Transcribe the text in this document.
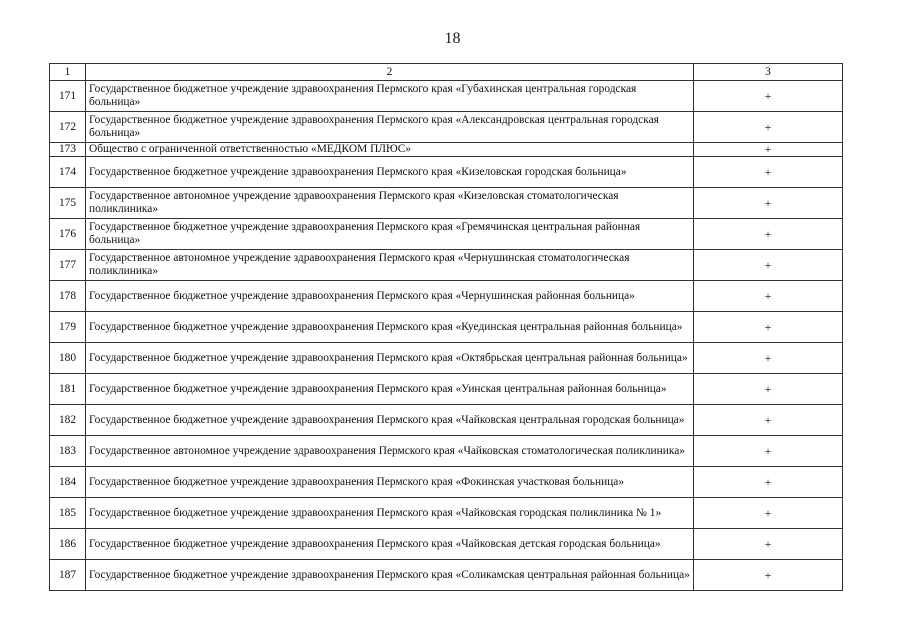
18
1	2	3
171	Государственное бюджетное учреждение здравоохранения Пермского края «Губахинская центральная городская больница»	+
172	Государственное бюджетное учреждение здравоохранения Пермского края «Александровская центральная городская больница»	+
173	Общество с ограниченной ответственностью «МЕДКОМ ПЛЮС»	+
174	Государственное бюджетное учреждение здравоохранения Пермского края «Кизеловская городская больница»	+
175	Государственное автономное учреждение здравоохранения Пермского края «Кизеловская стоматологическая поликлиника»	+
176	Государственное бюджетное учреждение здравоохранения Пермского края «Гремячинская центральная районная больница»	+
177	Государственное автономное учреждение здравоохранения Пермского края «Чернушинская стоматологическая поликлиника»	+
178	Государственное бюджетное учреждение здравоохранения Пермского края «Чернушинская районная больница»	+
179	Государственное бюджетное учреждение здравоохранения Пермского края «Куединская центральная районная больница»	+
180	Государственное бюджетное учреждение здравоохранения Пермского края «Октябрьская центральная районная больница»	+
181	Государственное бюджетное учреждение здравоохранения Пермского края «Уинская центральная районная больница»	+
182	Государственное бюджетное учреждение здравоохранения Пермского края «Чайковская центральная городская больница»	+
183	Государственное автономное учреждение здравоохранения Пермского края «Чайковская стоматологическая поликлиника»	+
184	Государственное бюджетное учреждение здравоохранения Пермского края «Фокинская участковая больница»	+
185	Государственное бюджетное учреждение здравоохранения Пермского края «Чайковская городская поликлиника № 1»	+
186	Государственное бюджетное учреждение здравоохранения Пермского края «Чайковская детская городская больница»	+
187	Государственное бюджетное учреждение здравоохранения Пермского края «Соликамская центральная районная больница»	+
